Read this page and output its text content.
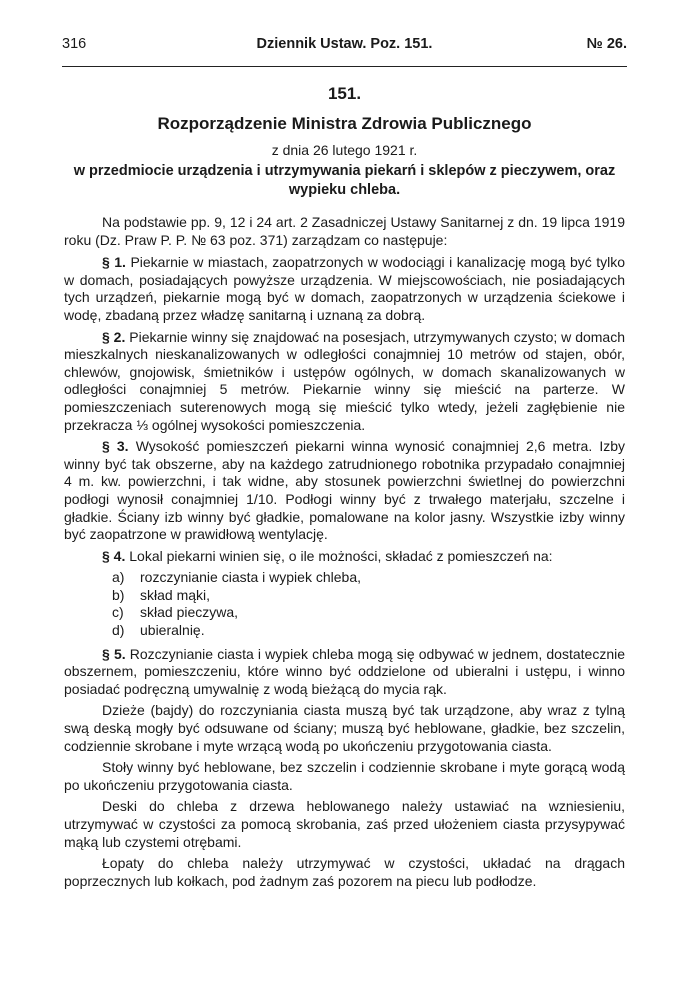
316	Dziennik Ustaw. Poz. 151.	№ 26.
151.
Rozporządzenie Ministra Zdrowia Publicznego
z dnia 26 lutego 1921 r.
w przedmiocie urządzenia i utrzymywania piekarń i sklepów z pieczywem, oraz wypieku chleba.

Na podstawie pp. 9, 12 i 24 art. 2 Zasadniczej Ustawy Sanitarnej z dn. 19 lipca 1919 roku (Dz. Praw P. P. № 63 poz. 371) zarządzam co następuje:

§ 1. Piekarnie w miastach, zaopatrzonych w wodociągi i kanalizację mogą być tylko w domach, posiadających powyższe urządzenia. W miejscowościach, nie posiadających tych urządzeń, piekarnie mogą być w domach, zaopatrzonych w urządzenia ściekowe i wodę, zbadaną przez władzę sanitarną i uznaną za dobrą.

§ 2. Piekarnie winny się znajdować na posesjach, utrzymywanych czysto; w domach mieszkalnych nieskanalizowanych w odległości conajmniej 10 metrów od stajen, obór, chlewów, gnojowisk, śmietników i ustępów ogólnych, w domach skanalizowanych w odległości conajmniej 5 metrów. Piekarnie winny się mieścić na parterze. W pomieszczeniach suterenowych mogą się mieścić tylko wtedy, jeżeli zagłębienie nie przekracza ⅓ ogólnej wysokości pomieszczenia.

§ 3. Wysokość pomieszczeń piekarni winna wynosić conajmniej 2,6 metra. Izby winny być tak obszerne, aby na każdego zatrudnionego robotnika przypadało conajmniej 4 m. kw. powierzchni, i tak widne, aby stosunek powierzchni świetlnej do powierzchni podłogi wynosił conajmniej 1/10. Podłogi winny być z trwałego materjału, szczelne i gładkie. Ściany izb winny być gładkie, pomalowane na kolor jasny. Wszystkie izby winny być zaopatrzone w prawidłową wentylację.

§ 4. Lokal piekarni winien się, o ile możności, składać z pomieszczeń na:

a) rozczynianie ciasta i wypiek chleba,
b) skład mąki,
c) skład pieczywa,
d) ubieralnię.

§ 5. Rozczynianie ciasta i wypiek chleba mogą się odbywać w jednem, dostatecznie obszernem, pomieszczeniu, które winno być oddzielone od ubieralni i ustępu, i winno posiadać podręczną umywalnię z wodą bieżącą do mycia rąk.

Dzieże (bajdy) do rozczyniania ciasta muszą być tak urządzone, aby wraz z tylną swą deską mogły być odsuwane od ściany; muszą być heblowane, gładkie, bez szczelin, codziennie skrobane i myte wrzącą wodą po ukończeniu przygotowania ciasta.

Stoły winny być heblowane, bez szczelin i codziennie skrobane i myte gorącą wodą po ukończeniu przygotowania ciasta.

Deski do chleba z drzewa heblowanego należy ustawiać na wzniesieniu, utrzymywać w czystości za pomocą skrobania, zaś przed ułożeniem ciasta przysypywać mąką lub czystemi otrębami.

Łopaty do chleba należy utrzymywać w czystości, układać na drągach poprzecznych lub kołkach, pod żadnym zaś pozorem na piecu lub podłodze.
